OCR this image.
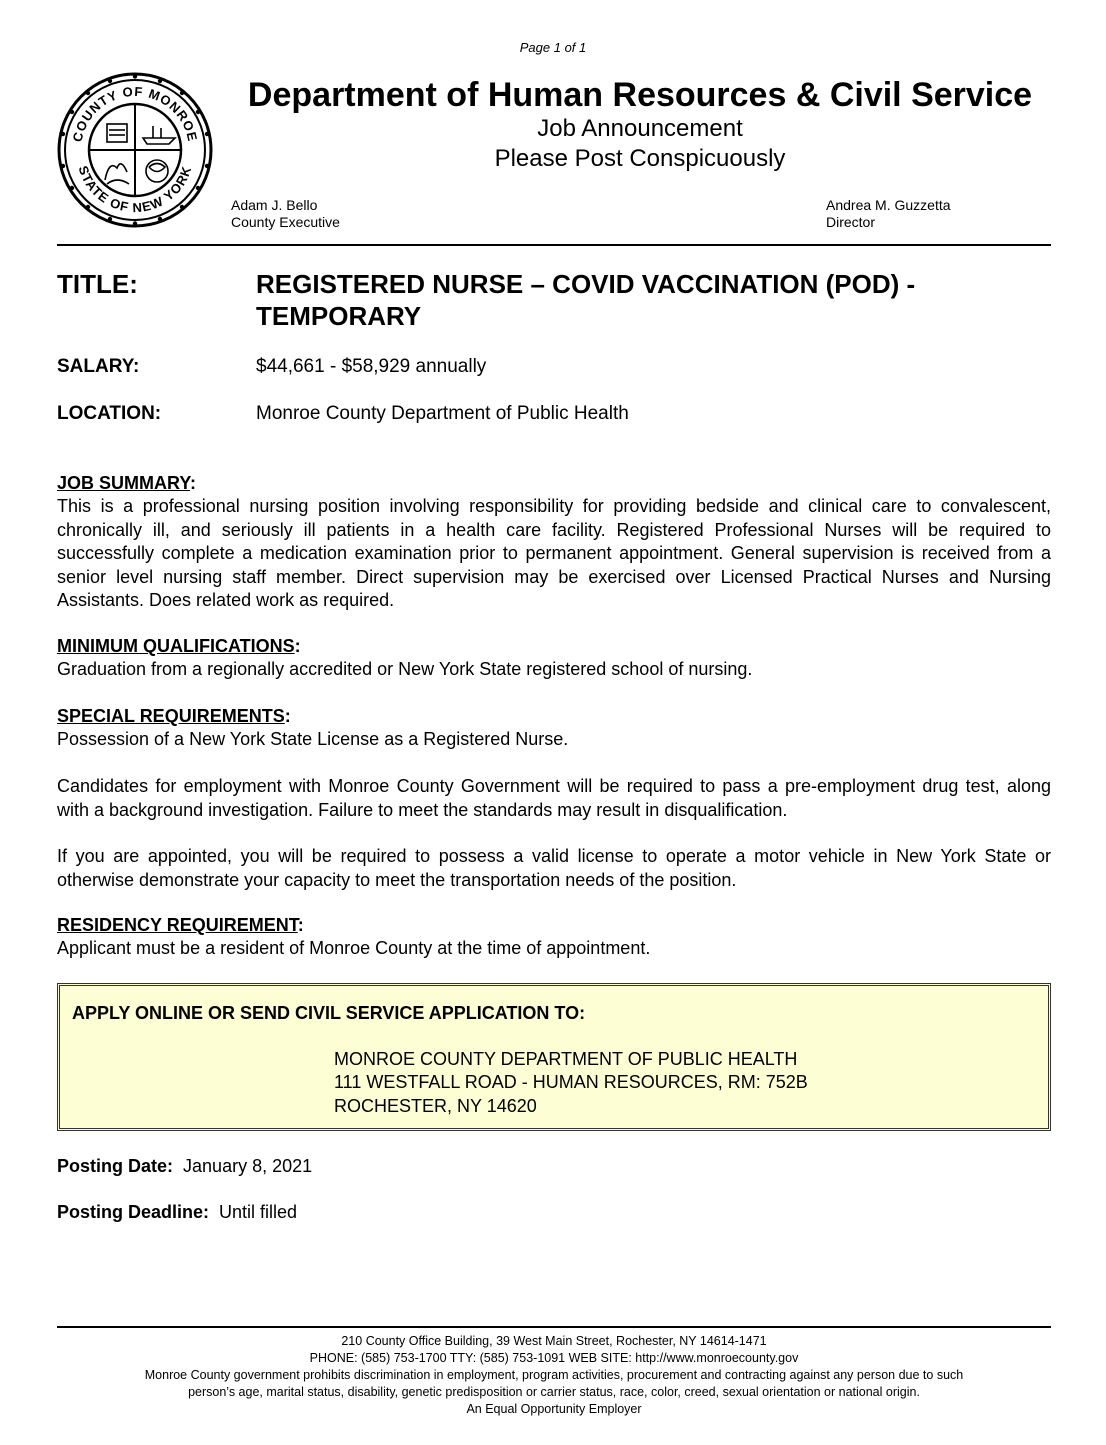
Page 1 of 1
COUNTY OF MONROE
STATE OF NEW YORK
Department of Human Resources & Civil Service
Job Announcement
Please Post Conspicuously
Adam J. Bello
County Executive
Andrea M. Guzzetta
Director
TITLE:	REGISTERED NURSE – COVID VACCINATION (POD) -
TEMPORARY
SALARY:	$44,661 - $58,929 annually
LOCATION:	Monroe County Department of Public Health
JOB SUMMARY:
This is a professional nursing position involving responsibility for providing bedside and clinical care to convalescent, chronically ill, and seriously ill patients in a health care facility. Registered Professional Nurses will be required to successfully complete a medication examination prior to permanent appointment. General supervision is received from a senior level nursing staff member. Direct supervision may be exercised over Licensed Practical Nurses and Nursing Assistants. Does related work as required.
MINIMUM QUALIFICATIONS:
Graduation from a regionally accredited or New York State registered school of nursing.
SPECIAL REQUIREMENTS:
Possession of a New York State License as a Registered Nurse.
Candidates for employment with Monroe County Government will be required to pass a pre-employment drug test, along with a background investigation. Failure to meet the standards may result in disqualification.
If you are appointed, you will be required to possess a valid license to operate a motor vehicle in New York State or otherwise demonstrate your capacity to meet the transportation needs of the position.
RESIDENCY REQUIREMENT:
Applicant must be a resident of Monroe County at the time of appointment.
APPLY ONLINE OR SEND CIVIL SERVICE APPLICATION TO:
MONROE COUNTY DEPARTMENT OF PUBLIC HEALTH
111 WESTFALL ROAD - HUMAN RESOURCES, RM: 752B
ROCHESTER, NY 14620
Posting Date: January 8, 2021
Posting Deadline: Until filled
210 County Office Building, 39 West Main Street, Rochester, NY 14614-1471
PHONE: (585) 753-1700 TTY: (585) 753-1091 WEB SITE: http://www.monroecounty.gov
Monroe County government prohibits discrimination in employment, program activities, procurement and contracting against any person due to such
person’s age, marital status, disability, genetic predisposition or carrier status, race, color, creed, sexual orientation or national origin.
An Equal Opportunity Employer
